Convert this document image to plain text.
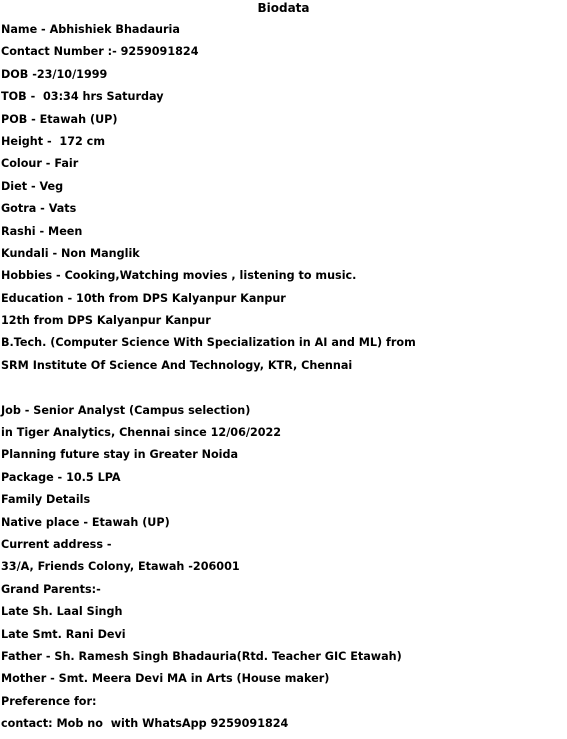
Biodata
Name - Abhishiek Bhadauria
Contact Number :- 9259091824
DOB -23/10/1999
TOB -  03:34 hrs Saturday
POB - Etawah (UP)
Height -  172 cm
Colour - Fair
Diet - Veg
Gotra - Vats
Rashi - Meen
Kundali - Non Manglik
Hobbies - Cooking,Watching movies , listening to music.
Education - 10th from DPS Kalyanpur Kanpur
12th from DPS Kalyanpur Kanpur
B.Tech. (Computer Science With Specialization in AI and ML) from
SRM Institute Of Science And Technology, KTR, Chennai
Job - Senior Analyst (Campus selection)
in Tiger Analytics, Chennai since 12/06/2022
Planning future stay in Greater Noida
Package - 10.5 LPA
Family Details
Native place - Etawah (UP)
Current address -
33/A, Friends Colony, Etawah -206001
Grand Parents:-
Late Sh. Laal Singh
Late Smt. Rani Devi
Father - Sh. Ramesh Singh Bhadauria(Rtd. Teacher GIC Etawah)
Mother - Smt. Meera Devi MA in Arts (House maker)
Preference for:
contact: Mob no  with WhatsApp 9259091824
